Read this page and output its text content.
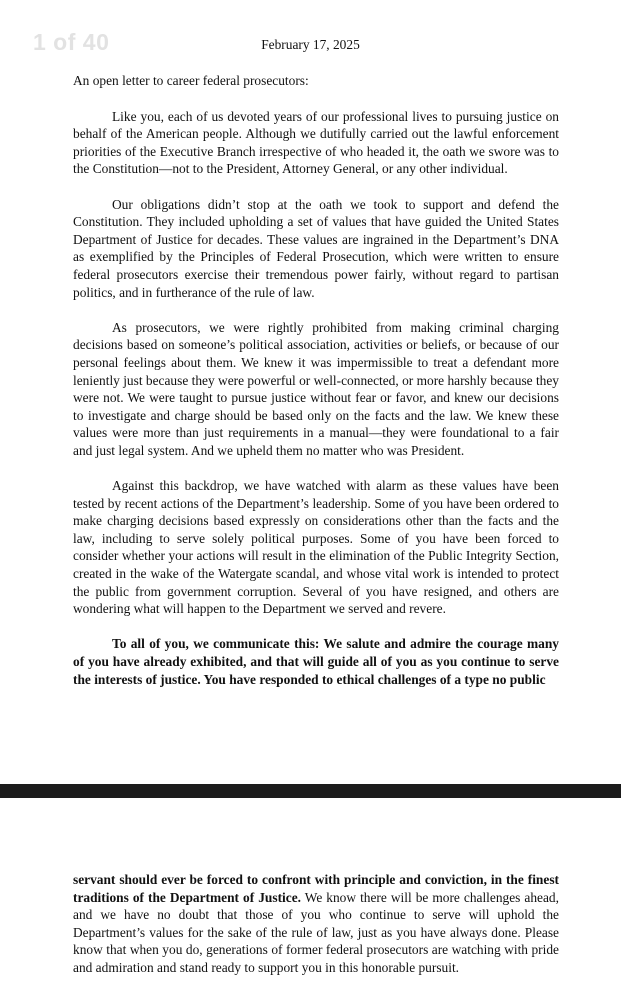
1 of 40	February 17, 2025

An open letter to career federal prosecutors:

Like you, each of us devoted years of our professional lives to pursuing justice on behalf of the American people. Although we dutifully carried out the lawful enforcement priorities of the Executive Branch irrespective of who headed it, the oath we swore was to the Constitution—not to the President, Attorney General, or any other individual.

Our obligations didn’t stop at the oath we took to support and defend the Constitution. They included upholding a set of values that have guided the United States Department of Justice for decades. These values are ingrained in the Department’s DNA as exemplified by the Principles of Federal Prosecution, which were written to ensure federal prosecutors exercise their tremendous power fairly, without regard to partisan politics, and in furtherance of the rule of law.

As prosecutors, we were rightly prohibited from making criminal charging decisions based on someone’s political association, activities or beliefs, or because of our personal feelings about them. We knew it was impermissible to treat a defendant more leniently just because they were powerful or well-connected, or more harshly because they were not. We were taught to pursue justice without fear or favor, and knew our decisions to investigate and charge should be based only on the facts and the law. We knew these values were more than just requirements in a manual—they were foundational to a fair and just legal system. And we upheld them no matter who was President.

Against this backdrop, we have watched with alarm as these values have been tested by recent actions of the Department’s leadership. Some of you have been ordered to make charging decisions based expressly on considerations other than the facts and the law, including to serve solely political purposes. Some of you have been forced to consider whether your actions will result in the elimination of the Public Integrity Section, created in the wake of the Watergate scandal, and whose vital work is intended to protect the public from government corruption. Several of you have resigned, and others are wondering what will happen to the Department we served and revere.

To all of you, we communicate this: We salute and admire the courage many of you have already exhibited, and that will guide all of you as you continue to serve the interests of justice. You have responded to ethical challenges of a type no public

servant should ever be forced to confront with principle and conviction, in the finest traditions of the Department of Justice. We know there will be more challenges ahead, and we have no doubt that those of you who continue to serve will uphold the Department’s values for the sake of the rule of law, just as you have always done. Please know that when you do, generations of former federal prosecutors are watching with pride and admiration and stand ready to support you in this honorable pursuit.
